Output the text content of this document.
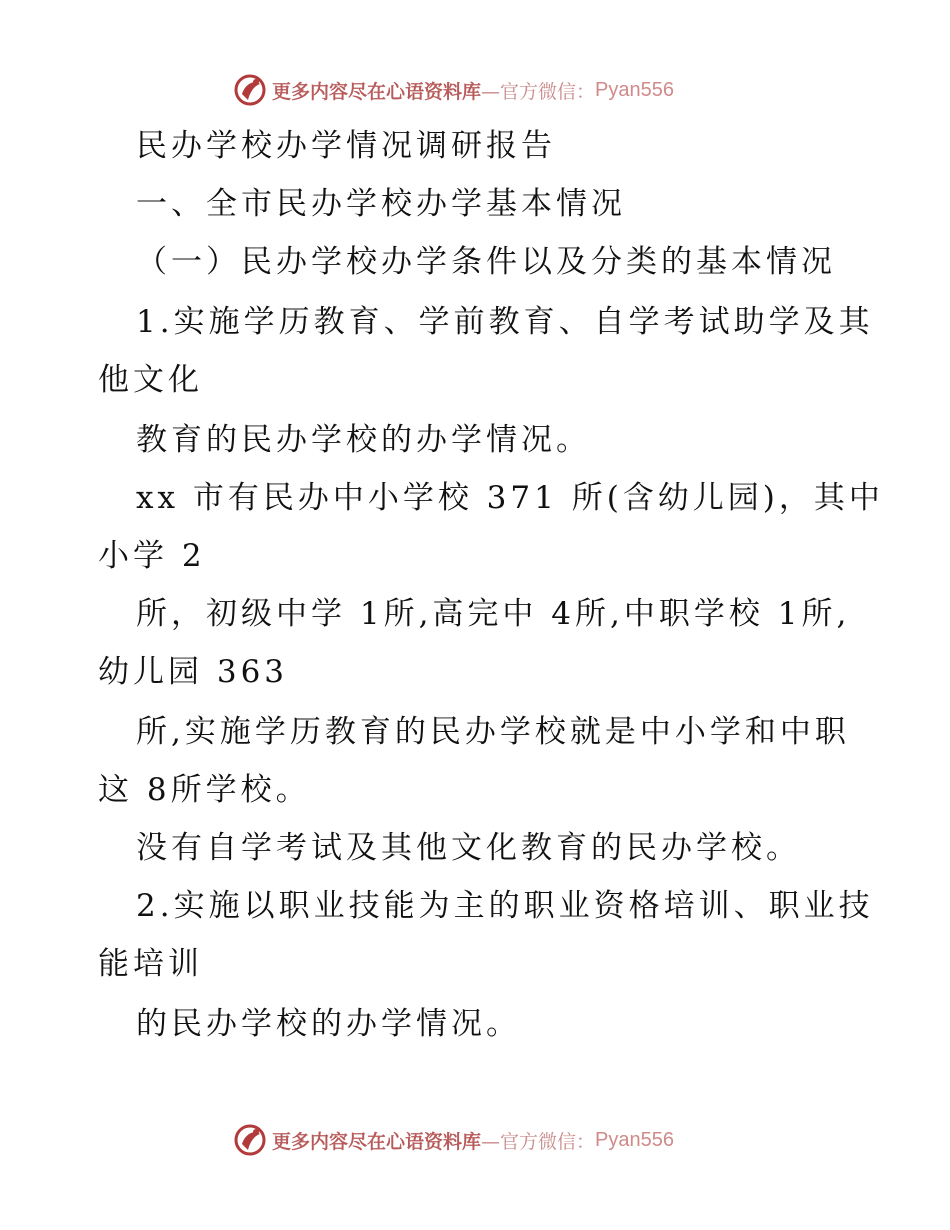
更多内容尽在心语资料库 —官方微信： Pyan556
民办学校办学情况调研报告
一、全市民办学校办学基本情况
（一）民办学校办学条件以及分类的基本情况
1.实施学历教育、学前教育、自学考试助学及其
他文化
教育的民办学校的办学情况。
xx 市有民办中小学校 371 所(含幼儿园)，其中
小学 2
所，初级中学 1所,高完中 4所,中职学校 1所,
幼儿园 363
所,实施学历教育的民办学校就是中小学和中职
这 8所学校。
没有自学考试及其他文化教育的民办学校。
2.实施以职业技能为主的职业资格培训、职业技
能培训
的民办学校的办学情况。
更多内容尽在心语资料库 —官方微信： Pyan556
